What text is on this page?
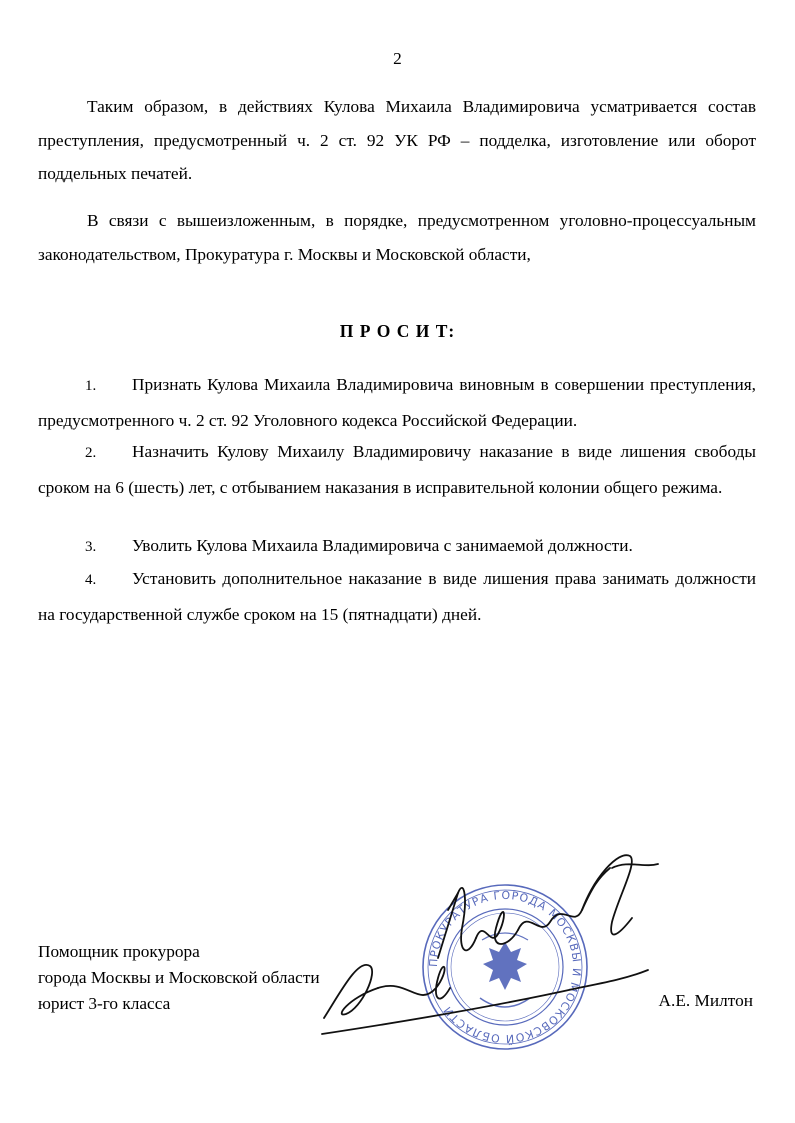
2

Таким образом, в действиях Кулова Михаила Владимировича усматривается состав преступления, предусмотренный ч. 2 ст. 92 УК РФ – подделка, изготовление или оборот поддельных печатей.

В связи с вышеизложенным, в порядке, предусмотренном уголовно-процессуальным законодательством, Прокуратура г. Москвы и Московской области,

П Р О С И Т:

1. Признать Кулова Михаила Владимировича виновным в совершении преступления, предусмотренного ч. 2 ст. 92 Уголовного кодекса Российской Федерации.

2. Назначить Кулову Михаилу Владимировичу наказание в виде лишения свободы сроком на 6 (шесть) лет, с отбыванием наказания в исправительной колонии общего режима.

3. Уволить Кулова Михаила Владимировича с занимаемой должности.

4. Установить дополнительное наказание в виде лишения права занимать должности на государственной службе сроком на 15 (пятнадцати) дней.

Помощник прокурора
города Москвы и Московской области
юрист 3-го класса
ПРОКУРАТУРА ГОРОДА МОСКВЫ И МОСКОВСКОЙ ОБЛАСТИ
А.Е. Милтон
